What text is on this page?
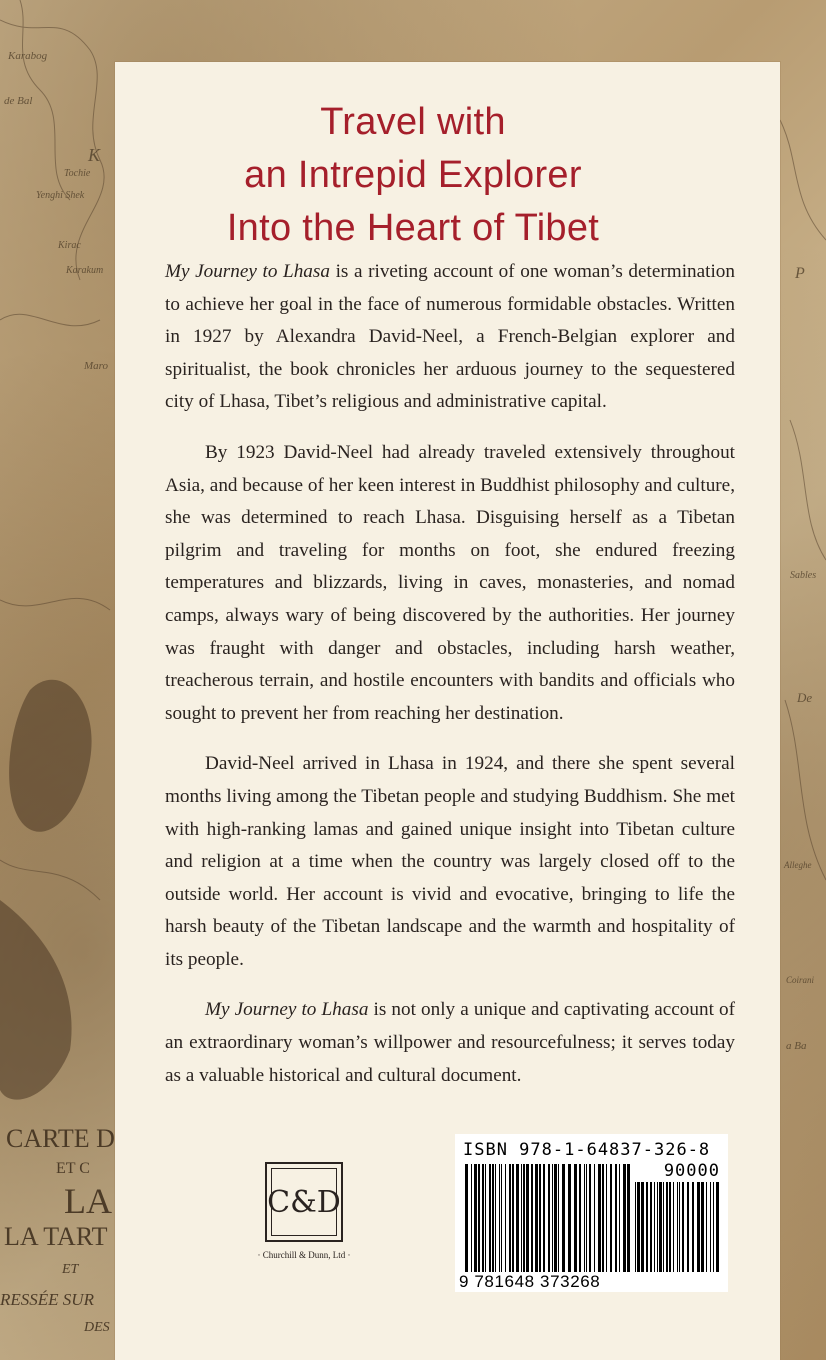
Karabog
de Bal
Yenghi Shek
Kirac
Karakum
K
Tochie
Maro
P
Sables
De
Alleghe
Coirani
a Ba
CARTE D
ET C
LA
LA TART
ET
RESSÉE SUR
DES
Travel with
an Intrepid Explorer
Into the Heart of Tibet

My Journey to Lhasa is a riveting account of one woman’s determination to achieve her goal in the face of numerous formidable obstacles. Written in 1927 by Alexandra David-Neel, a French-Belgian explorer and spiritualist, the book chronicles her arduous journey to the sequestered city of Lhasa, Tibet’s religious and administrative capital.

By 1923 David-Neel had already traveled extensively throughout Asia, and because of her keen interest in Buddhist philosophy and culture, she was determined to reach Lhasa. Disguising herself as a Tibetan pilgrim and traveling for months on foot, she endured freezing temperatures and blizzards, living in caves, monasteries, and nomad camps, always wary of being discovered by the authorities. Her journey was fraught with danger and obstacles, including harsh weather, treacherous terrain, and hostile encounters with bandits and officials who sought to prevent her from reaching her destination.

David-Neel arrived in Lhasa in 1924, and there she spent several months living among the Tibetan people and studying Buddhism. She met with high-ranking lamas and gained unique insight into Tibetan culture and religion at a time when the country was largely closed off to the outside world. Her account is vivid and evocative, bringing to life the harsh beauty of the Tibetan landscape and the warmth and hospitality of its people.

My Journey to Lhasa is not only a unique and captivating account of an extraordinary woman’s willpower and resourcefulness; it serves today as a valuable historical and cultural document.

C&D
· Churchill & Dunn, Ltd ·
ISBN 978-1-64837-326-8
90000
9 781648 373268
